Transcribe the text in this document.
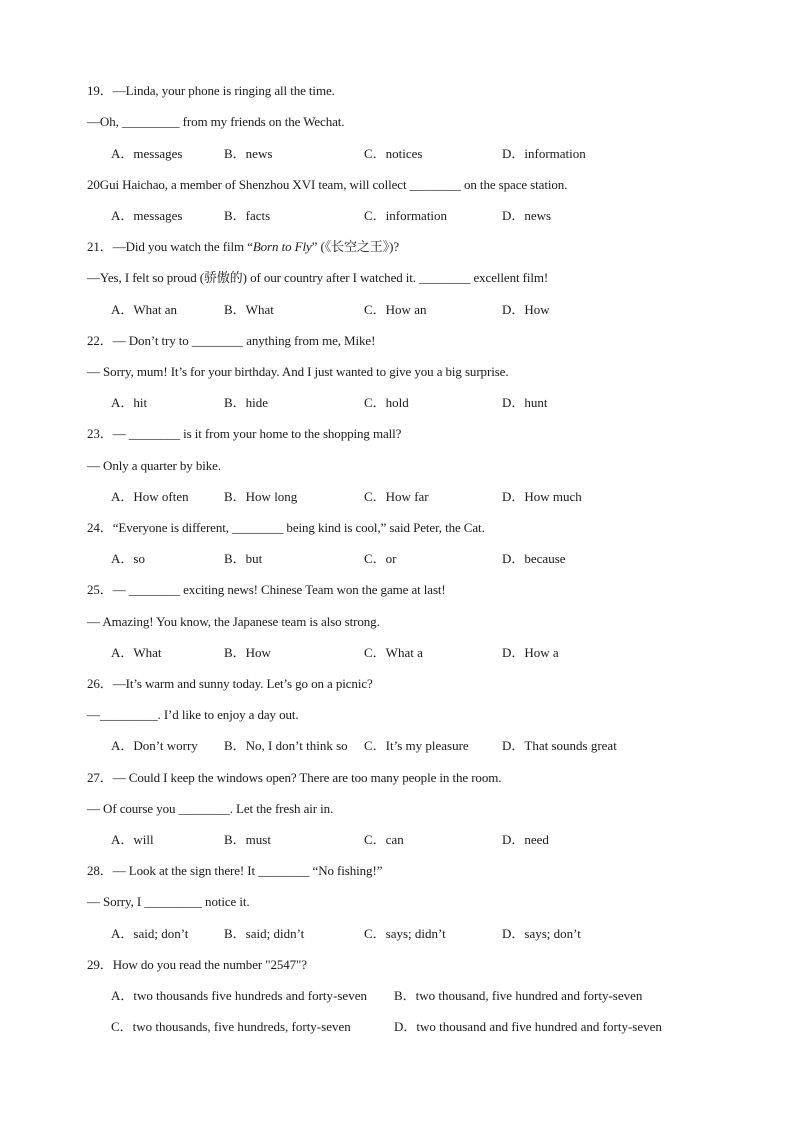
19．—Linda, your phone is ringing all the time.
—Oh, _________ from my friends on the Wechat.
A．messages	B．news	C．notices	D．information
20Gui Haichao, a member of Shenzhou XVI team, will collect ________ on the space station.
A．messages	B．facts	C．information	D．news
21．—Did you watch the film “Born to Fly” (《长空之王》)?
—Yes, I felt so proud (骄傲的) of our country after I watched it. ________ excellent film!
A．What an	B．What	C．How an	D．How
22．— Don’t try to ________ anything from me, Mike!
— Sorry, mum! It’s for your birthday. And I just wanted to give you a big surprise.
A．hit	B．hide	C．hold	D．hunt
23．— ________ is it from your home to the shopping mall?
— Only a quarter by bike.
A．How often	B．How long	C．How far	D．How much
24．“Everyone is different, ________ being kind is cool,” said Peter, the Cat.
A．so	B．but	C．or	D．because
25．— ________ exciting news! Chinese Team won the game at last!
— Amazing! You know, the Japanese team is also strong.
A．What	B．How	C．What a	D．How a
26．—It’s warm and sunny today. Let’s go on a picnic?
—_________. I’d like to enjoy a day out.
A．Don’t worry B．No, I don’t think so C．It’s my pleasure	D．That sounds great
27．— Could I keep the windows open? There are too many people in the room.
— Of course you ________. Let the fresh air in.
A．will	B．must	C．can	D．need
28．— Look at the sign there! It ________ “No fishing!”
— Sorry, I _________ notice it.
A．said; don’t	B．said; didn’t	C．says; didn’t	D．says; don’t
29．How do you read the number "2547"?
A．two thousands five hundreds and forty-seven B．two thousand, five hundred and forty-seven
C．two thousands, five hundreds, forty-seven	D．two thousand and five hundred and forty-seven
